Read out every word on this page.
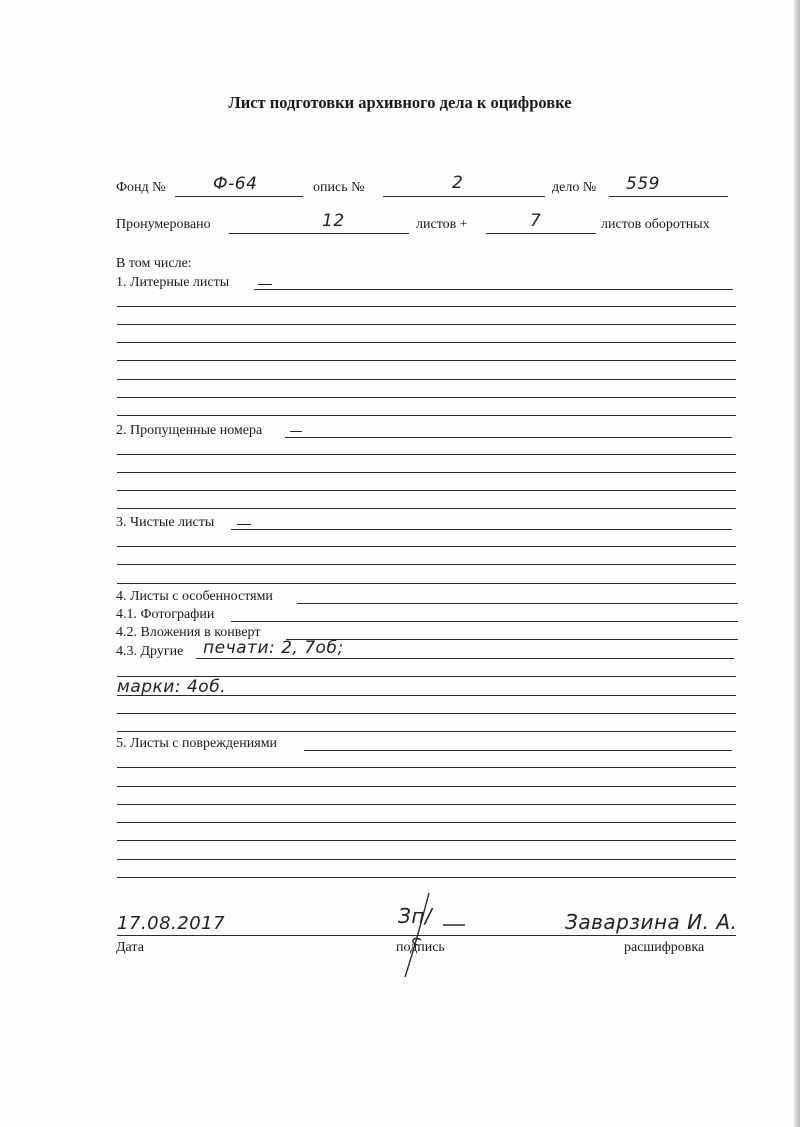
Лист подготовки архивного дела к оцифровке
Фонд №	Ф-64	опись №	2	дело № 559
Пронумеровано	12	листов +	7	листов оборотных
В том числе:
1. Литерные листы
2. Пропущенные номера
3. Чистые листы
4. Листы с особенностями
4.1. Фотографии
4.2. Вложения в конверт
4.3. Другие печати: 2, 7об;
марки: 4об.
5. Листы с повреждениями
17.08.2017
Дата
Зп/
подпись
Заварзина И. А.
расшифровка
